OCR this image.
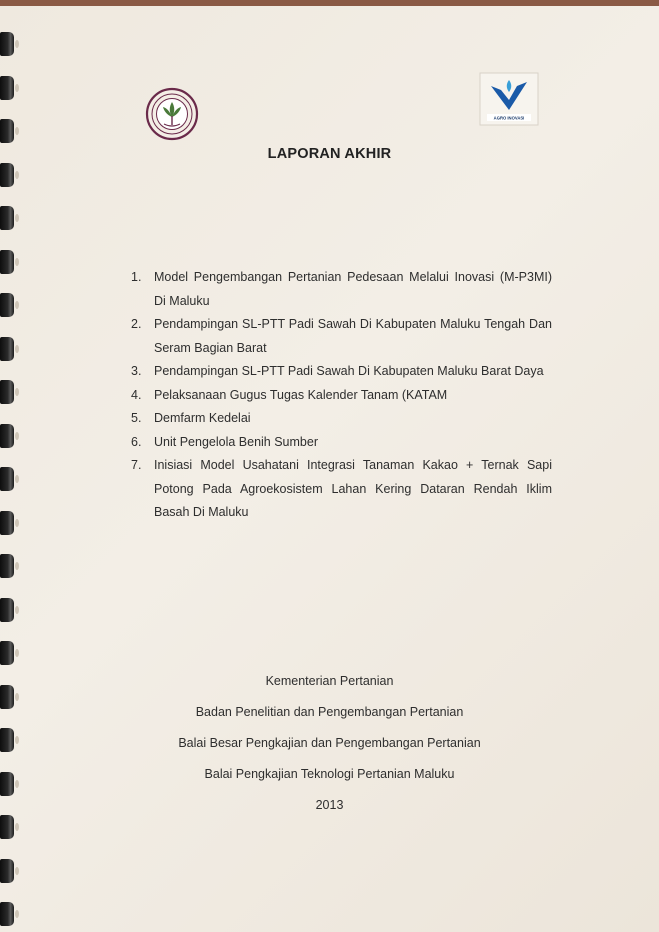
AGRO INOVASI
LAPORAN AKHIR
1. Model Pengembangan Pertanian Pedesaan Melalui Inovasi (M-P3MI) Di Maluku
2. Pendampingan SL-PTT Padi Sawah Di Kabupaten Maluku Tengah Dan Seram Bagian Barat
3. Pendampingan SL-PTT Padi Sawah Di Kabupaten Maluku Barat Daya
4. Pelaksanaan Gugus Tugas Kalender Tanam (KATAM
5. Demfarm Kedelai
6. Unit Pengelola Benih Sumber
7. Inisiasi Model Usahatani Integrasi Tanaman Kakao + Ternak Sapi Potong Pada Agroekosistem Lahan Kering Dataran Rendah Iklim Basah Di Maluku
Kementerian Pertanian
Badan Penelitian dan Pengembangan Pertanian
Balai Besar Pengkajian dan Pengembangan Pertanian
Balai Pengkajian Teknologi Pertanian Maluku
2013
